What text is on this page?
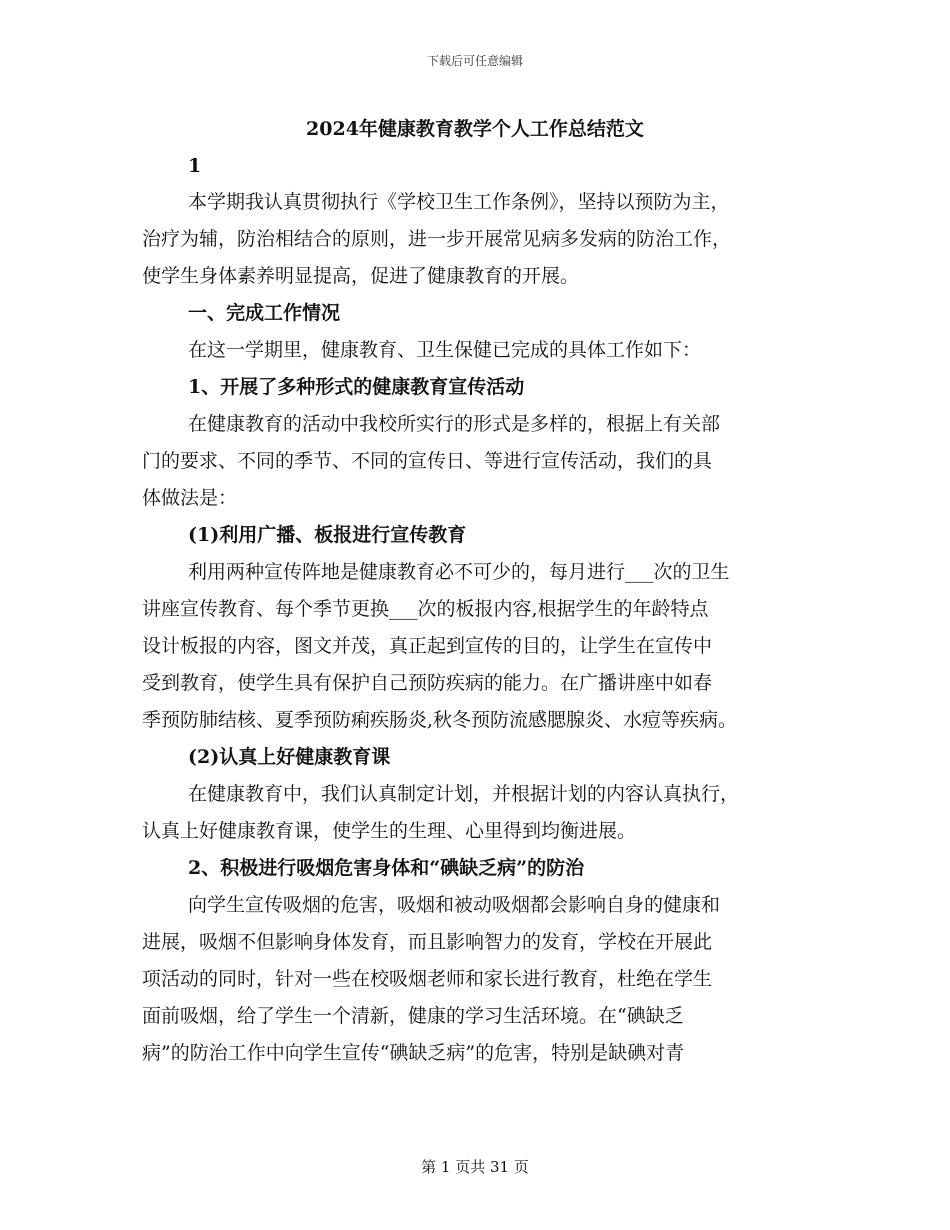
下载后可任意编辑
2024年健康教育教学个人工作总结范文
1
本学期我认真贯彻执行《学校卫生工作条例》，坚持以预防为主，
治疗为辅，防治相结合的原则，进一步开展常见病多发病的防治工作，
使学生身体素养明显提高，促进了健康教育的开展。
一、完成工作情况
在这一学期里，健康教育、卫生保健已完成的具体工作如下：
1、开展了多种形式的健康教育宣传活动
在健康教育的活动中我校所实行的形式是多样的，根据上有关部
门的要求、不同的季节、不同的宣传日、等进行宣传活动，我们的具
体做法是：
(1)利用广播、板报进行宣传教育
利用两种宣传阵地是健康教育必不可少的，每月进行___次的卫生
讲座宣传教育、每个季节更换___次的板报内容,根据学生的年龄特点
设计板报的内容，图文并茂，真正起到宣传的目的，让学生在宣传中
受到教育，使学生具有保护自己预防疾病的能力。在广播讲座中如春
季预防肺结核、夏季预防痢疾肠炎,秋冬预防流感腮腺炎、水痘等疾病。
(2)认真上好健康教育课
在健康教育中，我们认真制定计划，并根据计划的内容认真执行，
认真上好健康教育课，使学生的生理、心里得到均衡进展。
2、积极进行吸烟危害身体和“碘缺乏病”的防治
向学生宣传吸烟的危害，吸烟和被动吸烟都会影响自身的健康和
进展，吸烟不但影响身体发育，而且影响智力的发育，学校在开展此
项活动的同时，针对一些在校吸烟老师和家长进行教育，杜绝在学生
面前吸烟，给了学生一个清新，健康的学习生活环境。在“碘缺乏
病”的防治工作中向学生宣传“碘缺乏病”的危害，特别是缺碘对青
第 1 页共 31 页
